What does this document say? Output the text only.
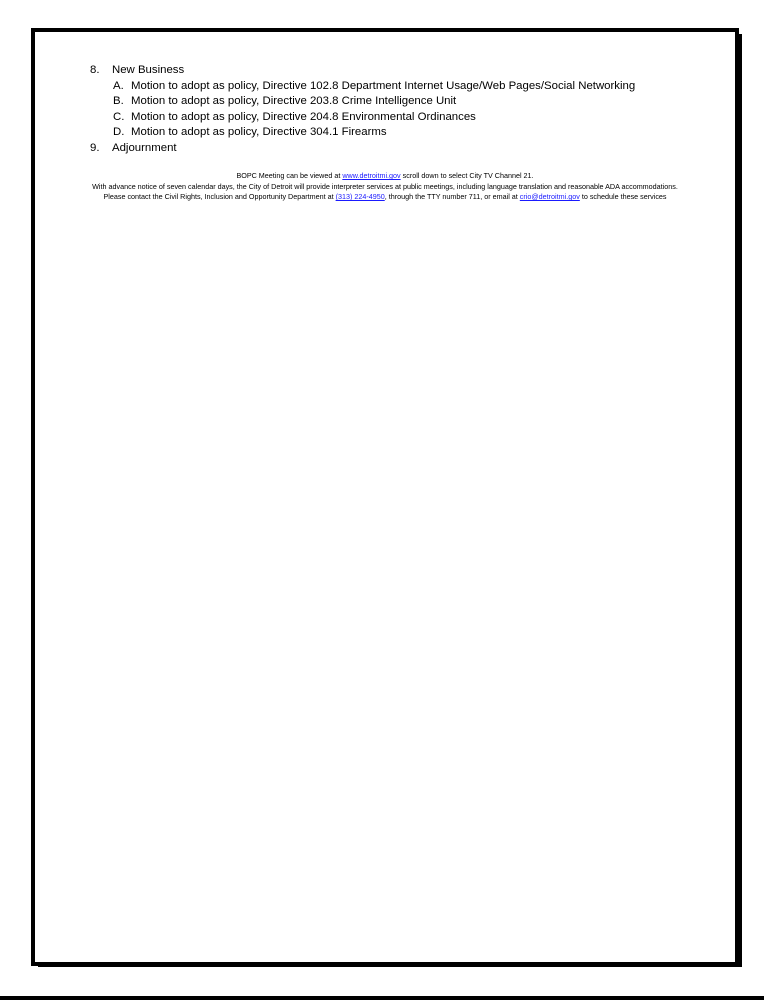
8.	New Business
A. Motion to adopt as policy, Directive 102.8 Department Internet Usage/Web Pages/Social Networking
B. Motion to adopt as policy, Directive 203.8 Crime Intelligence Unit
C. Motion to adopt as policy, Directive 204.8 Environmental Ordinances
D. Motion to adopt as policy, Directive 304.1 Firearms
9.	Adjournment
BOPC Meeting can be viewed at www.detroitmi.gov scroll down to select City TV Channel 21.
With advance notice of seven calendar days, the City of Detroit will provide interpreter services at public meetings, including language translation and reasonable ADA accommodations.
Please contact the Civil Rights, Inclusion and Opportunity Department at (313) 224-4950, through the TTY number 711, or email at crio@detroitmi.gov to schedule these services
